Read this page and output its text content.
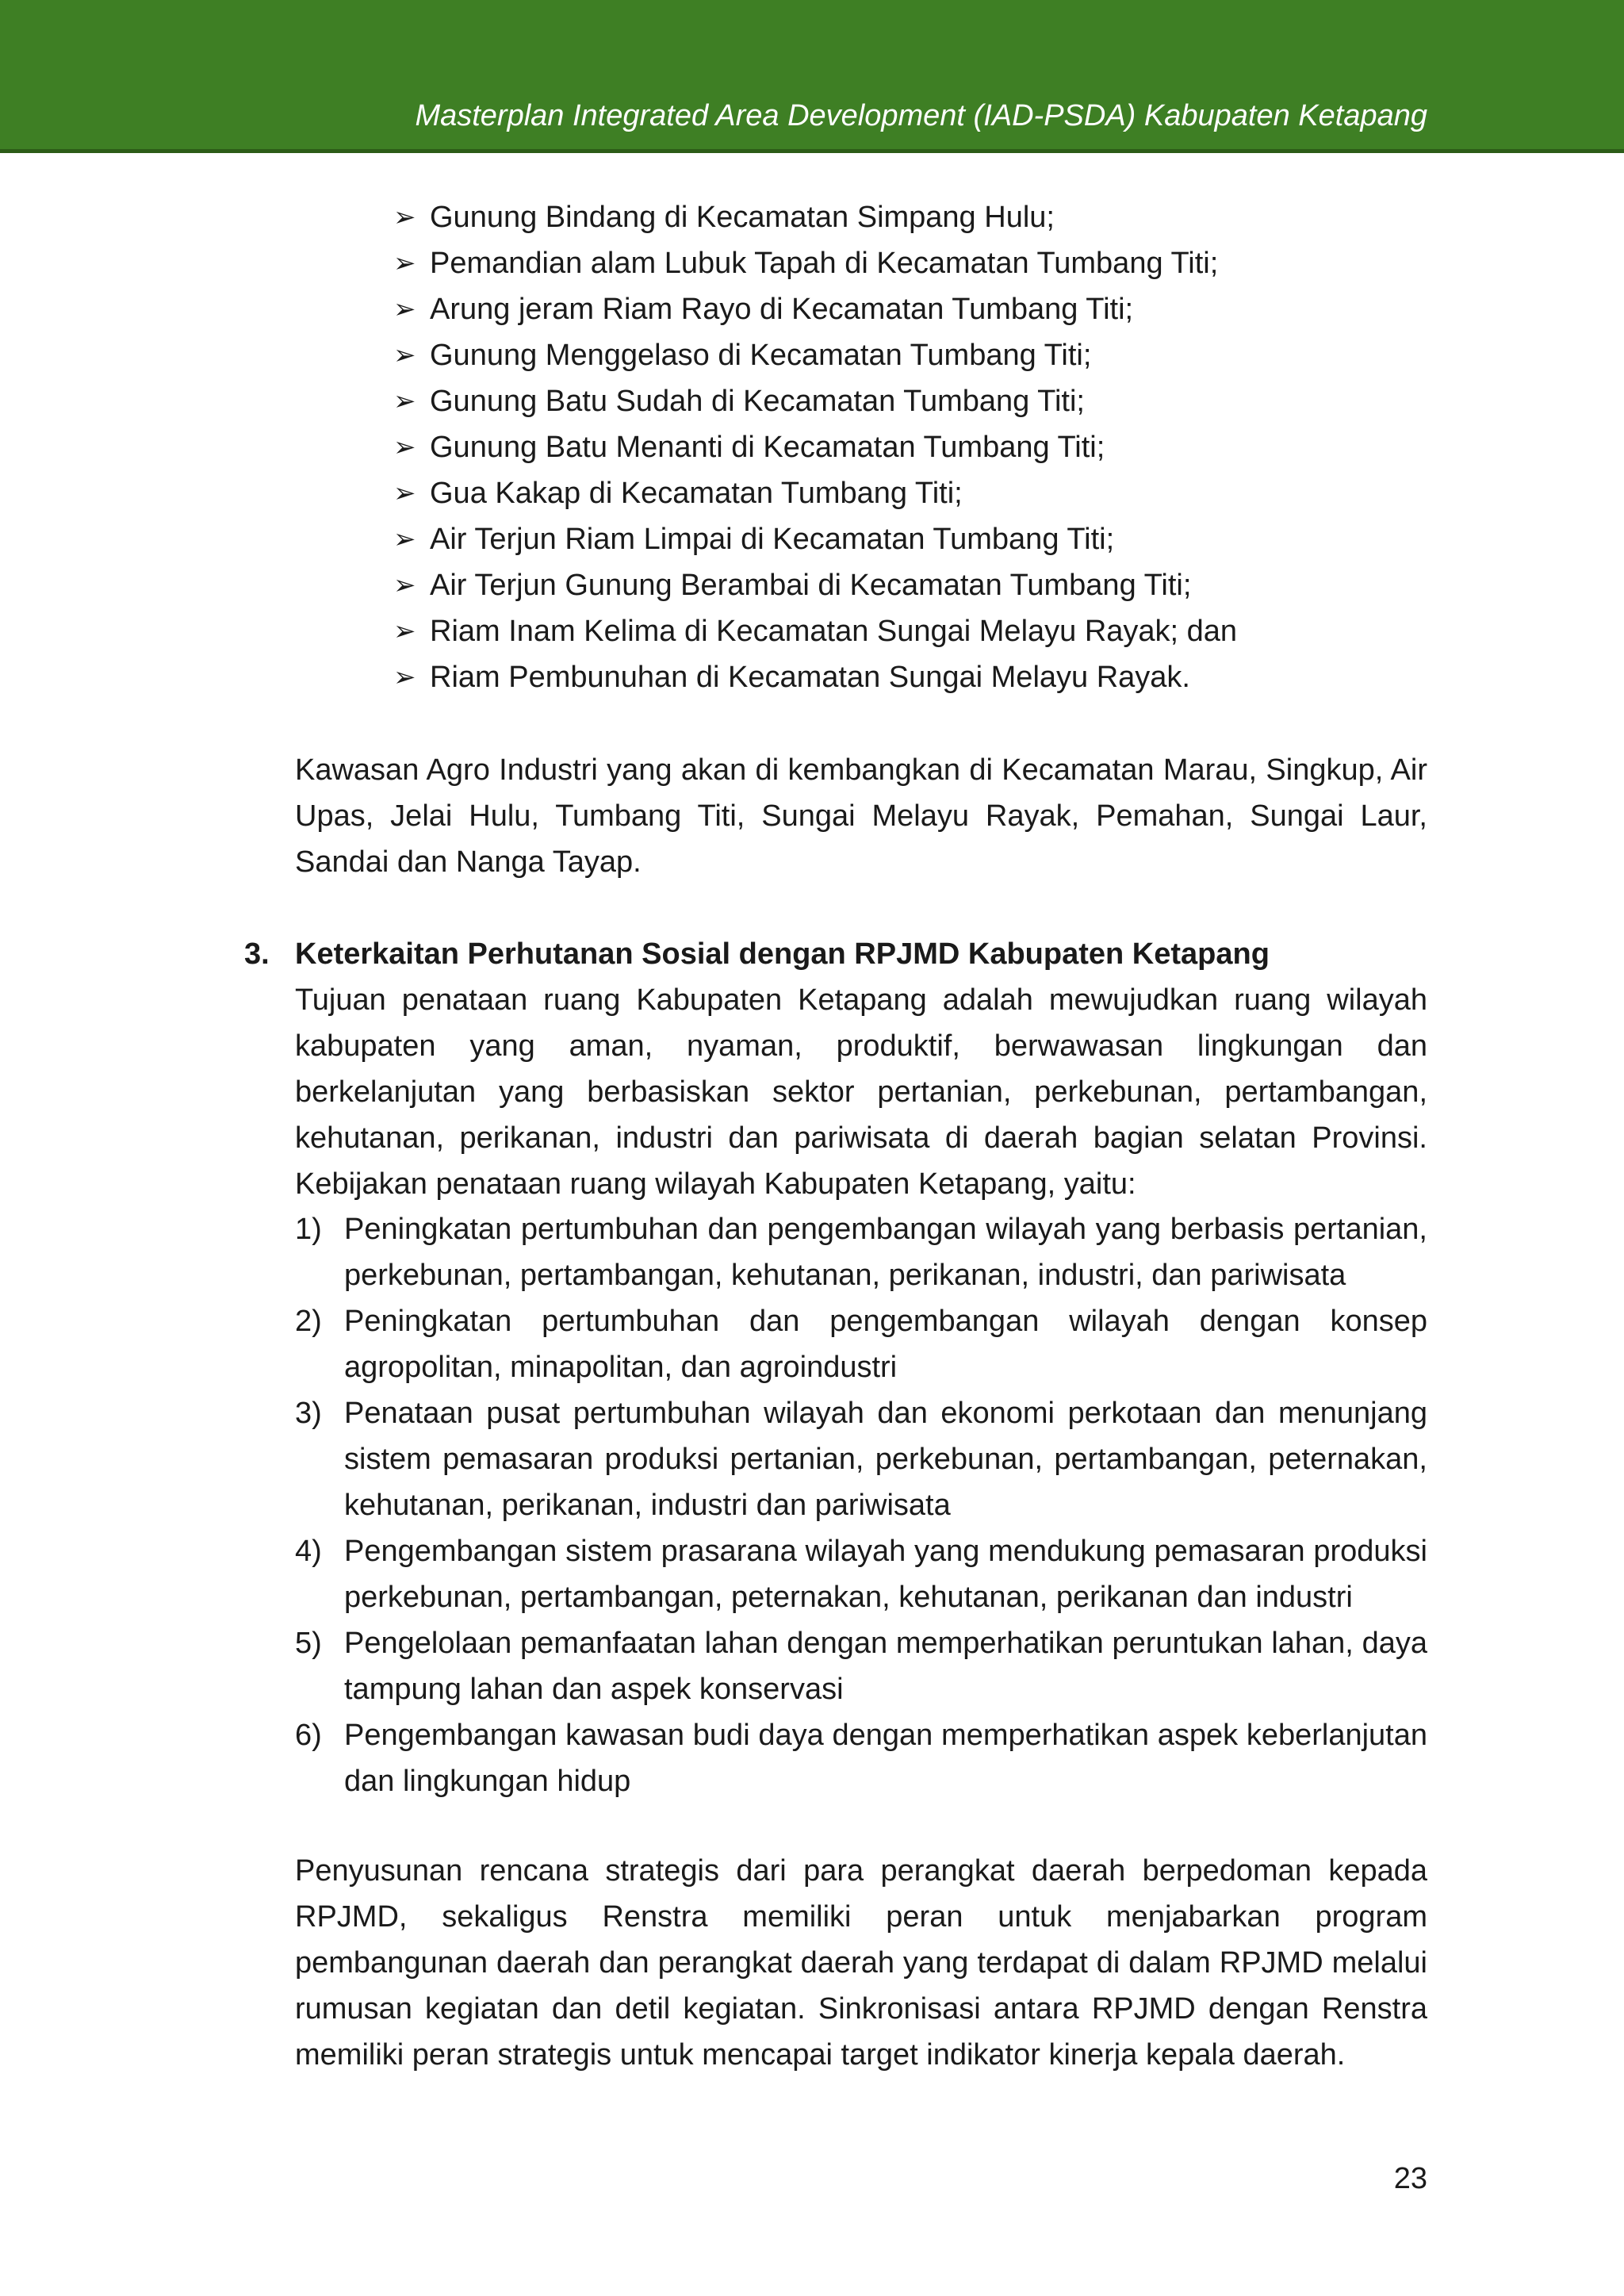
Masterplan Integrated Area Development (IAD-PSDA) Kabupaten Ketapang
➢ Gunung Bindang di Kecamatan Simpang Hulu;
➢ Pemandian alam Lubuk Tapah di Kecamatan Tumbang Titi;
➢ Arung jeram Riam Rayo di Kecamatan Tumbang Titi;
➢ Gunung Menggelaso di Kecamatan Tumbang Titi;
➢ Gunung Batu Sudah di Kecamatan Tumbang Titi;
➢ Gunung Batu Menanti di Kecamatan Tumbang Titi;
➢ Gua Kakap di Kecamatan Tumbang Titi;
➢ Air Terjun Riam Limpai di Kecamatan Tumbang Titi;
➢ Air Terjun Gunung Berambai di Kecamatan Tumbang Titi;
➢ Riam Inam Kelima di Kecamatan Sungai Melayu Rayak; dan
➢ Riam Pembunuhan di Kecamatan Sungai Melayu Rayak.

Kawasan Agro Industri yang akan di kembangkan di Kecamatan Marau, Singkup, Air Upas, Jelai Hulu, Tumbang Titi, Sungai Melayu Rayak, Pemahan, Sungai Laur, Sandai dan Nanga Tayap.

3. Keterkaitan Perhutanan Sosial dengan RPJMD Kabupaten Ketapang

Tujuan penataan ruang Kabupaten Ketapang adalah mewujudkan ruang wilayah kabupaten yang aman, nyaman, produktif, berwawasan lingkungan dan berkelanjutan yang berbasiskan sektor pertanian, perkebunan, pertambangan, kehutanan, perikanan, industri dan pariwisata di daerah bagian selatan Provinsi. Kebijakan penataan ruang wilayah Kabupaten Ketapang, yaitu:

1) Peningkatan pertumbuhan dan pengembangan wilayah yang berbasis pertanian, perkebunan, pertambangan, kehutanan, perikanan, industri, dan pariwisata
2) Peningkatan pertumbuhan dan pengembangan wilayah dengan konsep agropolitan, minapolitan, dan agroindustri
3) Penataan pusat pertumbuhan wilayah dan ekonomi perkotaan dan menunjang sistem pemasaran produksi pertanian, perkebunan, pertambangan, peternakan, kehutanan, perikanan, industri dan pariwisata
4) Pengembangan sistem prasarana wilayah yang mendukung pemasaran produksi perkebunan, pertambangan, peternakan, kehutanan, perikanan dan industri
5) Pengelolaan pemanfaatan lahan dengan memperhatikan peruntukan lahan, daya tampung lahan dan aspek konservasi
6) Pengembangan kawasan budi daya dengan memperhatikan aspek keberlanjutan dan lingkungan hidup

Penyusunan rencana strategis dari para perangkat daerah berpedoman kepada RPJMD, sekaligus Renstra memiliki peran untuk menjabarkan program pembangunan daerah dan perangkat daerah yang terdapat di dalam RPJMD melalui rumusan kegiatan dan detil kegiatan. Sinkronisasi antara RPJMD dengan Renstra memiliki peran strategis untuk mencapai target indikator kinerja kepala daerah.

23
